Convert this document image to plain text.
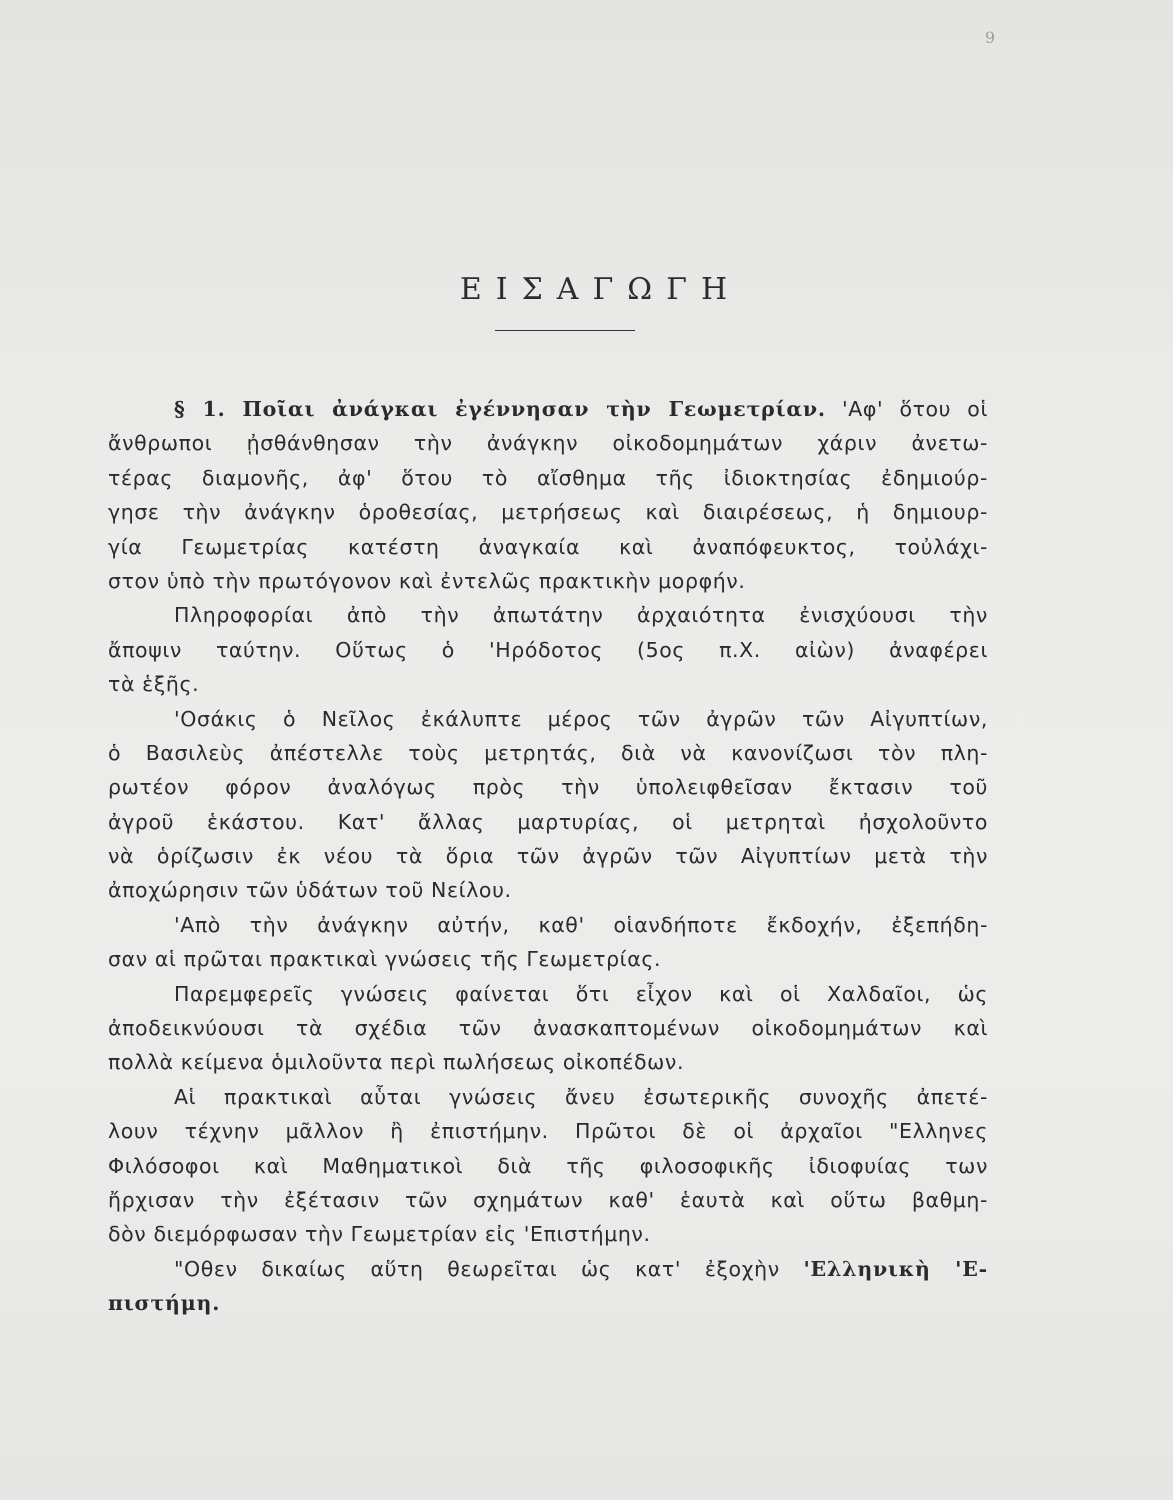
9
ΕΙΣΑΓΩΓΗ
§ 1. Ποῖαι ἀνάγκαι ἐγέννησαν τὴν Γεωμετρίαν. 'Αφ' ὅτου οἱ
ἄνθρωποι ᾐσθάνθησαν τὴν ἀνάγκην οἰκοδομημάτων χάριν ἀνετω-
τέρας διαμονῆς, ἀφ' ὅτου τὸ αἴσθημα τῆς ἰδιοκτησίας ἐδημιούρ-
γησε τὴν ἀνάγκην ὁροθεσίας, μετρήσεως καὶ διαιρέσεως, ἡ δημιουρ-
γία Γεωμετρίας κατέστη ἀναγκαία καὶ ἀναπόφευκτος, τοὐλάχι-
στον ὑπὸ τὴν πρωτόγονον καὶ ἐντελῶς πρακτικὴν μορφήν.
Πληροφορίαι ἀπὸ τὴν ἀπωτάτην ἀρχαιότητα ἐνισχύουσι τὴν
ἄποψιν ταύτην. Οὕτως ὁ 'Ηρόδοτος (5ος π.Χ. αἰὼν) ἀναφέρει
τὰ ἑξῆς.
'Οσάκις ὁ Νεῖλος ἐκάλυπτε μέρος τῶν ἀγρῶν τῶν Αἰγυπτίων,
ὁ Βασιλεὺς ἀπέστελλε τοὺς μετρητάς, διὰ νὰ κανονίζωσι τὸν πλη-
ρωτέον φόρον ἀναλόγως πρὸς τὴν ὑπολειφθεῖσαν ἔκτασιν τοῦ
ἀγροῦ ἑκάστου. Κατ' ἄλλας μαρτυρίας, οἱ μετρηταὶ ἠσχολοῦντο
νὰ ὁρίζωσιν ἐκ νέου τὰ ὅρια τῶν ἀγρῶν τῶν Αἰγυπτίων μετὰ τὴν
ἀποχώρησιν τῶν ὑδάτων τοῦ Νείλου.
'Απὸ τὴν ἀνάγκην αὐτήν, καθ' οἱανδήποτε ἔκδοχήν, ἐξεπήδη-
σαν αἱ πρῶται πρακτικαὶ γνώσεις τῆς Γεωμετρίας.
Παρεμφερεῖς γνώσεις φαίνεται ὅτι εἶχον καὶ οἱ Χαλδαῖοι, ὡς
ἀποδεικνύουσι τὰ σχέδια τῶν ἀνασκαπτομένων οἰκοδομημάτων καὶ
πολλὰ κείμενα ὁμιλοῦντα περὶ πωλήσεως οἰκοπέδων.
Αἱ πρακτικαὶ αὗται γνώσεις ἄνευ ἐσωτερικῆς συνοχῆς ἀπετέ-
λουν τέχνην μᾶλλον ἢ ἐπιστήμην. Πρῶτοι δὲ οἱ ἀρχαῖοι "Ελληνες
Φιλόσοφοι καὶ Μαθηματικοὶ διὰ τῆς φιλοσοφικῆς ἰδιοφυίας των
ἤρχισαν τὴν ἐξέτασιν τῶν σχημάτων καθ' ἑαυτὰ καὶ οὕτω βαθμη-
δὸν διεμόρφωσαν τὴν Γεωμετρίαν εἰς 'Επιστήμην.
"Οθεν δικαίως αὕτη θεωρεῖται ὡς κατ' ἐξοχὴν 'Ελληνικὴ 'Ε-
πιστήμη.
